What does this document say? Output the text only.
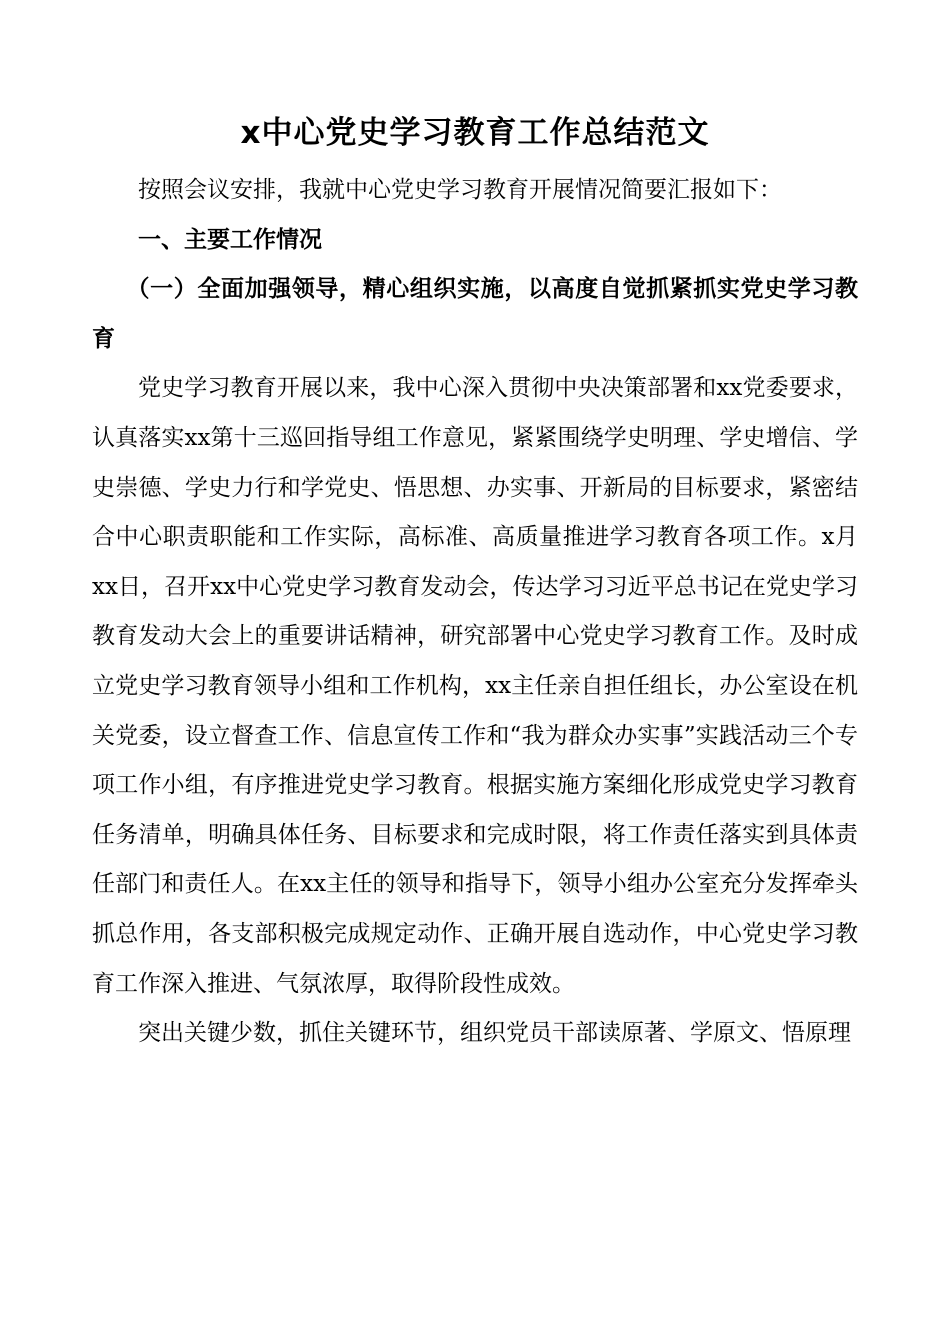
x中心党史学习教育工作总结范文

按照会议安排，我就中心党史学习教育开展情况简要汇报如下：

一、主要工作情况

（一）全面加强领导，精心组织实施，以高度自觉抓紧抓实党史学习教育

党史学习教育开展以来，我中心深入贯彻中央决策部署和xx党委要求，认真落实xx第十三巡回指导组工作意见，紧紧围绕学史明理、学史增信、学史崇德、学史力行和学党史、悟思想、办实事、开新局的目标要求，紧密结合中心职责职能和工作实际，高标准、高质量推进学习教育各项工作。x月xx日，召开xx中心党史学习教育发动会，传达学习习近平总书记在党史学习教育发动大会上的重要讲话精神，研究部署中心党史学习教育工作。及时成立党史学习教育领导小组和工作机构，xx主任亲自担任组长，办公室设在机关党委，设立督查工作、信息宣传工作和“我为群众办实事”实践活动三个专项工作小组，有序推进党史学习教育。根据实施方案细化形成党史学习教育任务清单，明确具体任务、目标要求和完成时限，将工作责任落实到具体责任部门和责任人。在xx主任的领导和指导下，领导小组办公室充分发挥牵头抓总作用，各支部积极完成规定动作、正确开展自选动作，中心党史学习教育工作深入推进、气氛浓厚，取得阶段性成效。

突出关键少数，抓住关键环节，组织党员干部读原著、学原文、悟原理
